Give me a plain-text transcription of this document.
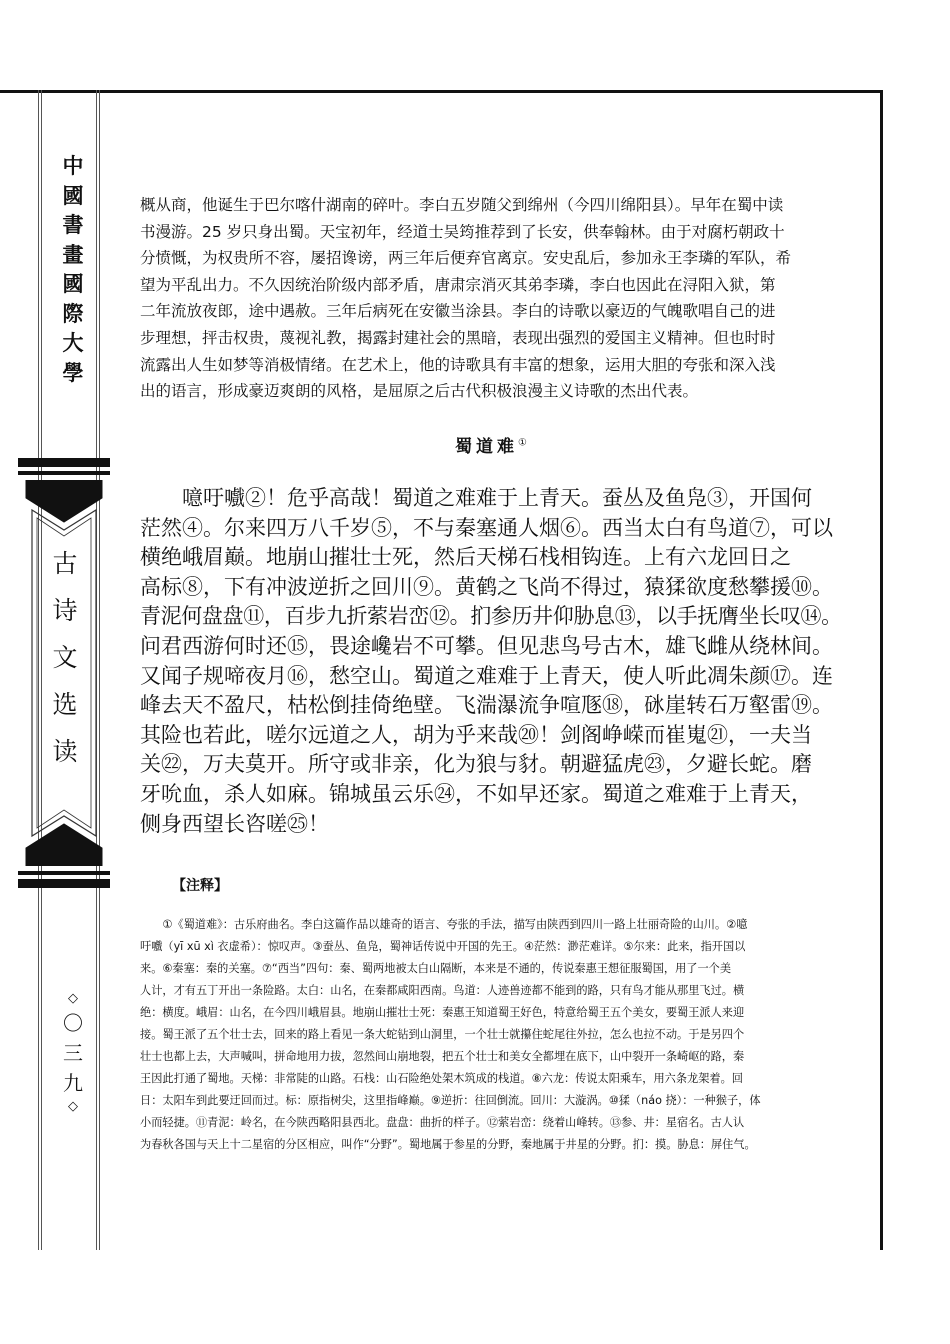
中
國
書
畫
國
際
大
學
古
诗
文
选
读
◇
〇
三
九
◇

概从商，他诞生于巴尔喀什湖南的碎叶。李白五岁随父到绵州（今四川绵阳县）。早年在蜀中读
书漫游。25 岁只身出蜀。天宝初年，经道士吴筠推荐到了长安，供奉翰林。由于对腐朽朝政十
分愤慨，为权贵所不容，屡招谗谤，两三年后便弃官离京。安史乱后，参加永王李璘的军队，希
望为平乱出力。不久因统治阶级内部矛盾，唐肃宗消灭其弟李璘，李白也因此在浔阳入狱，第
二年流放夜郎，途中遇赦。三年后病死在安徽当涂县。李白的诗歌以豪迈的气魄歌唱自己的进
步理想，抨击权贵，蔑视礼教，揭露封建社会的黑暗，表现出强烈的爱国主义精神。但也时时
流露出人生如梦等消极情绪。在艺术上，他的诗歌具有丰富的想象，运用大胆的夸张和深入浅
出的语言，形成豪迈爽朗的风格，是屈原之后古代积极浪漫主义诗歌的杰出代表。

蜀道难①
　　噫吁嚱②！危乎高哉！蜀道之难难于上青天。蚕丛及鱼凫③，开国何
茫然④。尔来四万八千岁⑤，不与秦塞通人烟⑥。西当太白有鸟道⑦，可以
横绝峨眉巅。地崩山摧壮士死，然后天梯石栈相钩连。上有六龙回日之
高标⑧，下有冲波逆折之回川⑨。黄鹤之飞尚不得过，猿猱欲度愁攀援⑩。
青泥何盘盘⑪，百步九折萦岩峦⑫。扪参历井仰胁息⑬，以手抚膺坐长叹⑭。
问君西游何时还⑮，畏途巉岩不可攀。但见悲鸟号古木，雄飞雌从绕林间。
又闻子规啼夜月⑯，愁空山。蜀道之难难于上青天，使人听此凋朱颜⑰。连
峰去天不盈尺，枯松倒挂倚绝壁。飞湍瀑流争喧豗⑱，砯崖转石万壑雷⑲。
其险也若此，嗟尔远道之人，胡为乎来哉⑳！剑阁峥嵘而崔嵬㉑，一夫当
关㉒，万夫莫开。所守或非亲，化为狼与豺。朝避猛虎㉓，夕避长蛇。磨
牙吮血，杀人如麻。锦城虽云乐㉔，不如早还家。蜀道之难难于上青天，
侧身西望长咨嗟㉕！
【注释】
　　①《蜀道难》：古乐府曲名。李白这篇作品以雄奇的语言、夸张的手法，描写由陕西到四川一路上壮丽奇险的山川。②噫
吁嚱（yī xū xì 衣虚希）：惊叹声。③蚕丛、鱼凫，蜀神话传说中开国的先王。④茫然：渺茫难详。⑤尔来：此来，指开国以
来。⑥秦塞：秦的关塞。⑦“西当”四句：秦、蜀两地被太白山隔断，本来是不通的，传说秦惠王想征服蜀国，用了一个美
人计，才有五丁开出一条险路。太白：山名，在秦都咸阳西南。鸟道：人迹兽迹都不能到的路，只有鸟才能从那里飞过。横
绝：横度。峨眉：山名，在今四川峨眉县。地崩山摧壮士死：秦惠王知道蜀王好色，特意给蜀王五个美女，要蜀王派人来迎
接。蜀王派了五个壮士去，回来的路上看见一条大蛇钻到山洞里，一个壮士就攥住蛇尾往外拉，怎么也拉不动。于是另四个
壮士也都上去，大声喊叫，拼命地用力拔，忽然间山崩地裂，把五个壮士和美女全都埋在底下，山中裂开一条崎岖的路，秦
王因此打通了蜀地。天梯：非常陡的山路。石栈：山石险绝处架木筑成的栈道。⑧六龙：传说太阳乘车，用六条龙架着。回
日：太阳车到此要迂回而过。标：原指树尖，这里指峰巅。⑨逆折：往回倒流。回川：大漩涡。⑩猱（náo 挠）：一种猴子，体
小而轻捷。⑪青泥：岭名，在今陕西略阳县西北。盘盘：曲折的样子。⑫萦岩峦：绕着山峰转。⑬参、井：星宿名。古人认
为春秋各国与天上十二星宿的分区相应，叫作“分野”。蜀地属于参星的分野，秦地属于井星的分野。扪：摸。胁息：屏住气。
